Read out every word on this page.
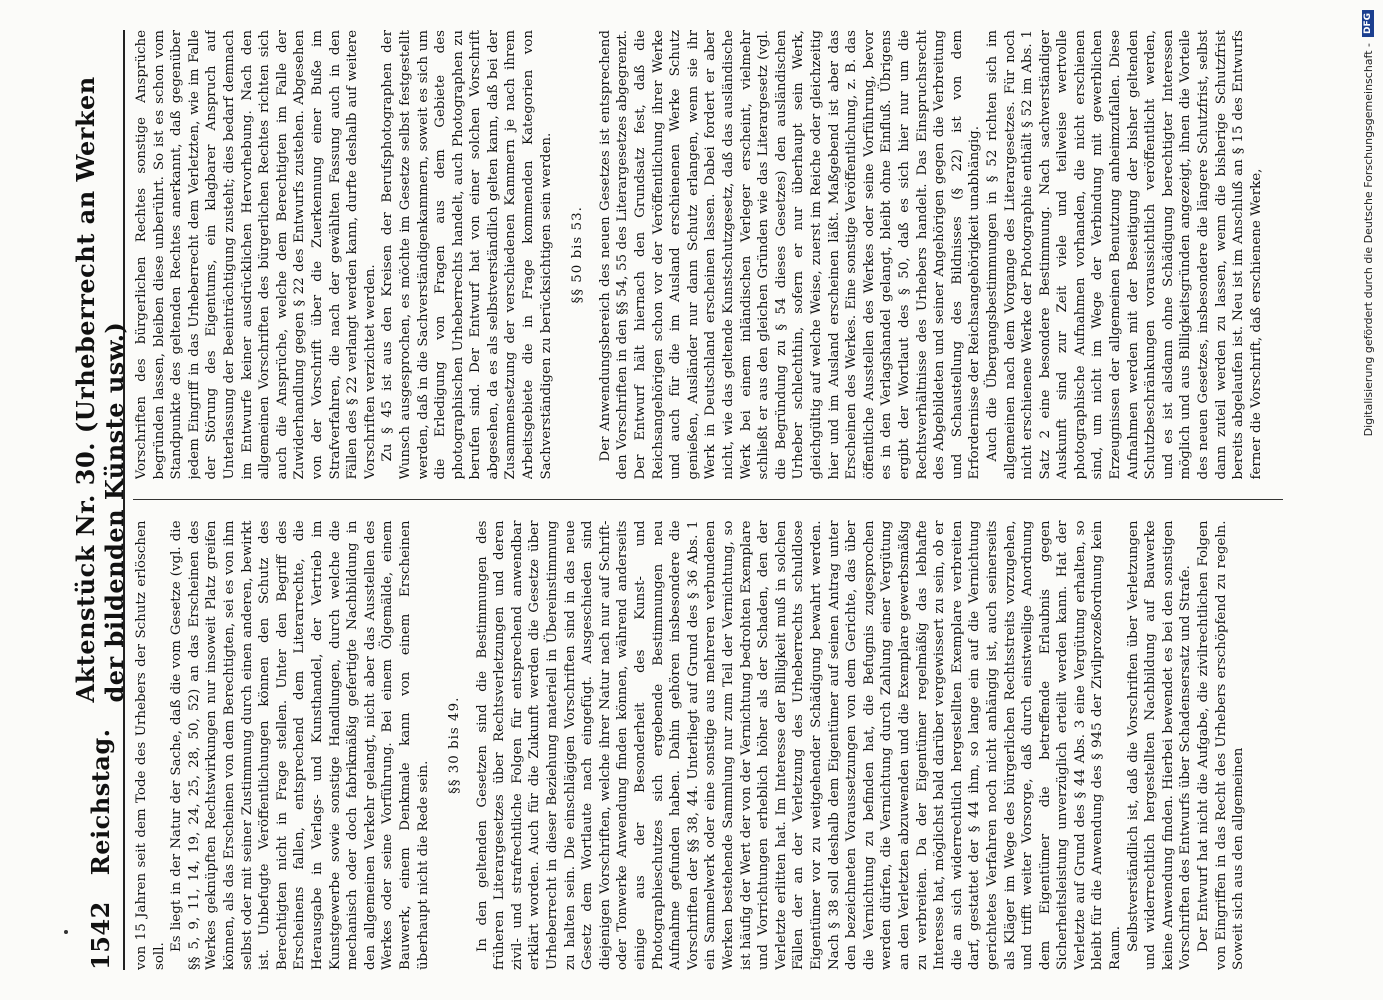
1542
Reichstag.
Aktenstück Nr. 30. (Urheberrecht an Werken der bildenden Künste usw.)

von 15 Jahren seit dem Tode des Urhebers der Schutz erlöschen soll.

Es liegt in der Natur der Sache, daß die vom Gesetze (vgl. die §§ 5, 9, 11, 14, 19, 24, 25, 28, 50, 52) an das Erscheinen des Werkes geknüpften Rechtswirkungen nur insoweit Platz greifen können, als das Erscheinen von dem Berechtigten, sei es von ihm selbst oder mit seiner Zustimmung durch einen anderen, bewirkt ist. Unbefugte Veröffentlichungen können den Schutz des Berechtigten nicht in Frage stellen. Unter den Begriff des Erscheinens fallen, entsprechend dem Literarrechte, die Herausgabe in Verlags- und Kunsthandel, der Vertrieb im Kunstgewerbe sowie sonstige Handlungen, durch welche die mechanisch oder doch fabrikmäßig gefertigte Nachbildung in den allgemeinen Verkehr gelangt, nicht aber das Ausstellen des Werkes oder seine Vorführung. Bei einem Ölgemälde, einem Bauwerk, einem Denkmale kann von einem Erscheinen überhaupt nicht die Rede sein.

§§ 30 bis 49. In den geltenden Gesetzen sind die Bestimmungen des früheren Literargesetzes über Rechtsverletzungen und deren zivil- und strafrechtliche Folgen für entsprechend anwendbar erklärt worden. Auch für die Zukunft werden die Gesetze über Urheberrecht in dieser Beziehung materiell in Übereinstimmung zu halten sein. Die einschlägigen Vorschriften sind in das neue Gesetz dem Wortlaute nach eingefügt. Ausgeschieden sind diejenigen Vorschriften, welche ihrer Natur nach nur auf Schrift- oder Tonwerke Anwendung finden können, während anderseits einige aus der Besonderheit des Kunst- und Photographieschutzes sich ergebende Bestimmungen neu Aufnahme gefunden haben. Dahin gehören insbesondere die Vorschriften der §§ 38, 44. Unterliegt auf Grund des § 36 Abs. 1 ein Sammelwerk oder eine sonstige aus mehreren verbundenen Werken bestehende Sammlung nur zum Teil der Vernichtung, so ist häufig der Wert der von der Vernichtung bedrohten Exemplare und Vorrichtungen erheblich höher als der Schaden, den der Verletzte erlitten hat. Im Interesse der Billigkeit muß in solchen Fällen der an der Verletzung des Urheberrechts schuldlose Eigentümer vor zu weitgehender Schädigung bewahrt werden. Nach § 38 soll deshalb dem Eigentümer auf seinen Antrag unter den bezeichneten Voraussetzungen von dem Gerichte, das über die Vernichtung zu befinden hat, die Befugnis zugesprochen werden dürfen, die Vernichtung durch Zahlung einer Vergütung an den Verletzten abzuwenden und die Exemplare gewerbsmäßig zu verbreiten. Da der Eigentümer regelmäßig das lebhafte Interesse hat, möglichst bald darüber vergewissert zu sein, ob er die an sich widerrechtlich hergestellten Exemplare verbreiten darf, gestattet der § 44 ihm, so lange ein auf die Vernichtung gerichtetes Verfahren noch nicht anhängig ist, auch seinerseits als Kläger im Wege des bürgerlichen Rechtsstreits vorzugehen, und trifft weiter Vorsorge, daß durch einstweilige Anordnung dem Eigentümer die betreffende Erlaubnis gegen Sicherheitsleistung unverzüglich erteilt werden kann. Hat der Verletzte auf Grund des § 44 Abs. 3 eine Vergütung erhalten, so bleibt für die Anwendung des § 945 der Zivilprozeßordnung kein Raum. Selbstverständlich ist, daß die Vorschriften über Verletzungen und widerrechtlich hergestellten Nachbildung auf Bauwerke keine Anwendung finden. Hierbei bewendet es bei den sonstigen Vorschriften des Entwurfs über Schadensersatz und Strafe. Der Entwurf hat nicht die Aufgabe, die zivilrechtlichen Folgen von Eingriffen in das Recht des Urhebers erschöpfend zu regeln. Soweit sich aus den allgemeinen

Vorschriften des bürgerlichen Rechtes sonstige Ansprüche begründen lassen, bleiben diese unberührt. So ist es schon vom Standpunkte des geltenden Rechtes anerkannt, daß gegenüber jedem Eingriff in das Urheberrecht dem Verletzten, wie im Falle der Störung des Eigentums, ein klagbarer Anspruch auf Unterlassung der Beeinträchtigung zusteht; dies bedarf demnach im Entwurfe keiner ausdrücklichen Hervorhebung. Nach den allgemeinen Vorschriften des bürgerlichen Rechtes richten sich auch die Ansprüche, welche dem Berechtigten im Falle der Zuwiderhandlung gegen § 22 des Entwurfs zustehen. Abgesehen von der Vorschrift über die Zuerkennung einer Buße im Strafverfahren, die nach der gewählten Fassung auch in den Fällen des § 22 verlangt werden kann, durfte deshalb auf weitere Vorschriften verzichtet werden. Zu § 45 ist aus den Kreisen der Berufsphotographen der Wunsch ausgesprochen, es möchte im Gesetze selbst festgestellt werden, daß in die Sachverständigenkammern, soweit es sich um die Erledigung von Fragen aus dem Gebiete des photographischen Urheberrechts handelt, auch Photographen zu berufen sind. Der Entwurf hat von einer solchen Vorschrift abgesehen, da es als selbstverständlich gelten kann, daß bei der Zusammensetzung der verschiedenen Kammern je nach ihrem Arbeitsgebiete die in Frage kommenden Kategorien von Sachverständigen zu berücksichtigen sein werden. §§ 50 bis 53. Der Anwendungsbereich des neuen Gesetzes ist entsprechend den Vorschriften in den §§ 54, 55 des Literargesetzes abgegrenzt. Der Entwurf hält hiernach den Grundsatz fest, daß die Reichsangehörigen schon vor der Veröffentlichung ihrer Werke und auch für die im Ausland erschienenen Werke Schutz genießen, Ausländer nur dann Schutz erlangen, wenn sie ihr Werk in Deutschland erscheinen lassen. Dabei fordert er aber nicht, wie das geltende Kunstschutzgesetz, daß das ausländische Werk bei einem inländischen Verleger erscheint, vielmehr schließt er aus den gleichen Gründen wie das Literargesetz (vgl. die Begründung zu § 54 dieses Gesetzes) den ausländischen Urheber schlechthin, sofern er nur überhaupt sein Werk, gleichgültig auf welche Weise, zuerst im Reiche oder gleichzeitig hier und im Ausland erscheinen läßt. Maßgebend ist aber das Erscheinen des Werkes. Eine sonstige Veröffentlichung, z. B. das öffentliche Ausstellen des Werkes oder seine Vorführung, bevor es in den Verlagshandel gelangt, bleibt ohne Einfluß. Übrigens ergibt der Wortlaut des § 50, daß es sich hier nur um die Rechtsverhältnisse des Urhebers handelt. Das Einspruchsrecht des Abgebildeten und seiner Angehörigen gegen die Verbreitung und Schaustellung des Bildnisses (§ 22) ist von dem Erfordernisse der Reichsangehörigkeit unabhängig. Auch die Übergangsbestimmungen in § 52 richten sich im allgemeinen nach dem Vorgange des Literargesetzes. Für noch nicht erschienene Werke der Photographie enthält § 52 im Abs. 1 Satz 2 eine besondere Bestimmung. Nach sachverständiger Auskunft sind zur Zeit viele und teilweise wertvolle photographische Aufnahmen vorhanden, die nicht erschienen sind, um nicht im Wege der Verbindung mit gewerblichen Erzeugnissen der allgemeinen Benutzung anheimzufallen. Diese Aufnahmen werden mit der Beseitigung der bisher geltenden Schutzbeschränkungen voraussichtlich veröffentlicht werden, und es ist alsdann ohne Schädigung berechtigter Interessen möglich und aus Billigkeitsgründen angezeigt, ihnen die Vorteile des neuen Gesetzes, insbesondere die längere Schutzfrist, selbst dann zuteil werden zu lassen, wenn die bisherige Schutzfrist bereits abgelaufen ist. Neu ist im Anschluß an § 15 des Entwurfs ferner die Vorschrift, daß erschienene Werke,

DFG
Digitalisierung gefördert durch die Deutsche Forschungsgemeinschaft -
